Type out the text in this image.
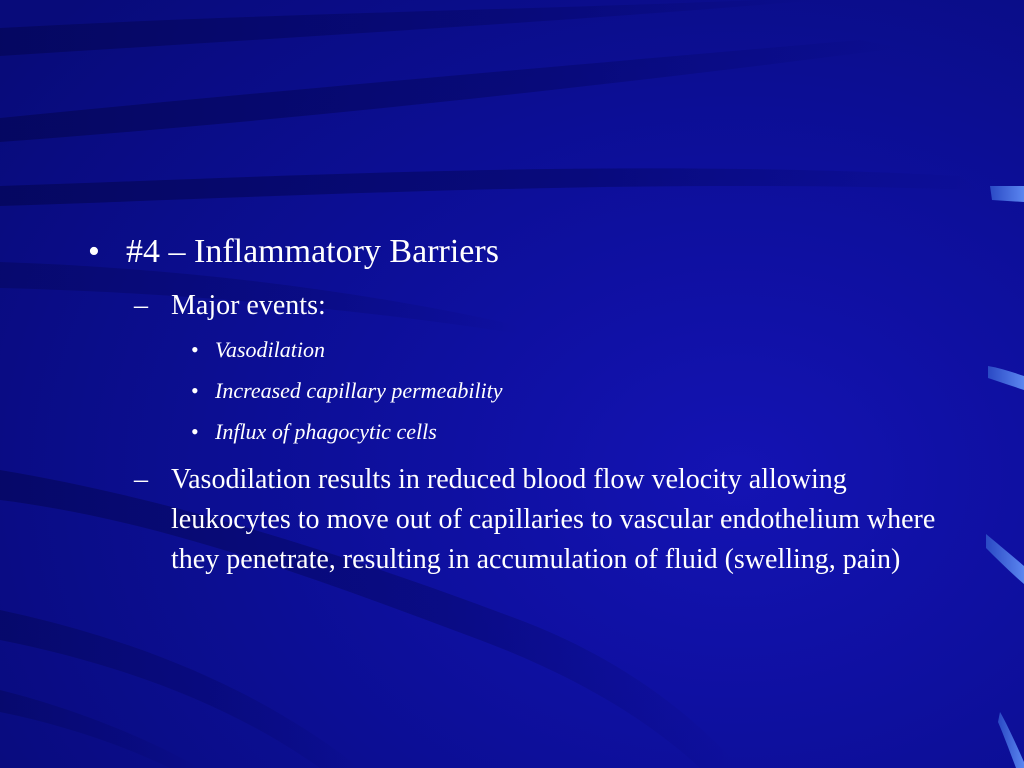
• #4 – Inflammatory Barriers
– Major events:
• Vasodilation
• Increased capillary permeability
• Influx of phagocytic cells
– Vasodilation results in reduced blood flow velocity allowing leukocytes to move out of capillaries to vascular endothelium where they penetrate, resulting in accumulation of fluid (swelling, pain)
